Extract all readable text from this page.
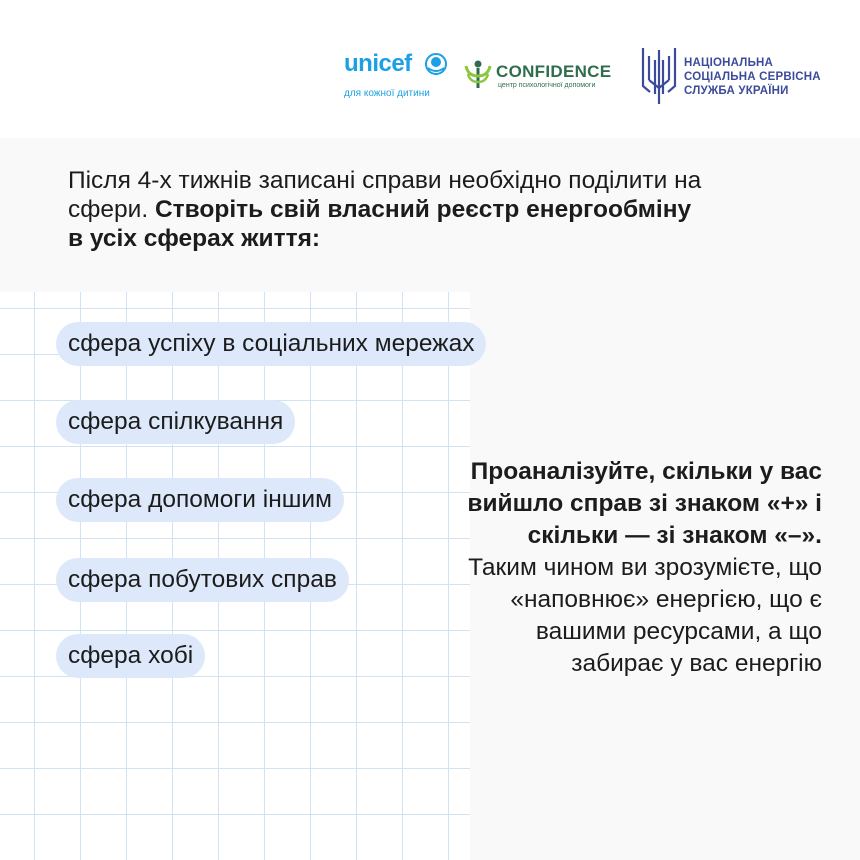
unicef
для кожної дитини
CONFIDENCE
центр психологічної допомоги
НАЦІОНАЛЬНА
СОЦІАЛЬНА СЕРВІСНА
СЛУЖБА УКРАЇНИ
Після 4-х тижнів записані справи необхідно поділити на сфери. Створіть свій власний реєстр енергообміну в усіх сферах життя:
сфера успіху в соціальних мережах
сфера спілкування
сфера допомоги іншим
сфера побутових справ
сфера хобі
Проаналізуйте, скільки у вас вийшло справ зі знаком «+» і скільки — зі знаком «–». Таким чином ви зрозумієте, що «наповнює» енергією, що є вашими ресурсами, а що забирає у вас енергію
